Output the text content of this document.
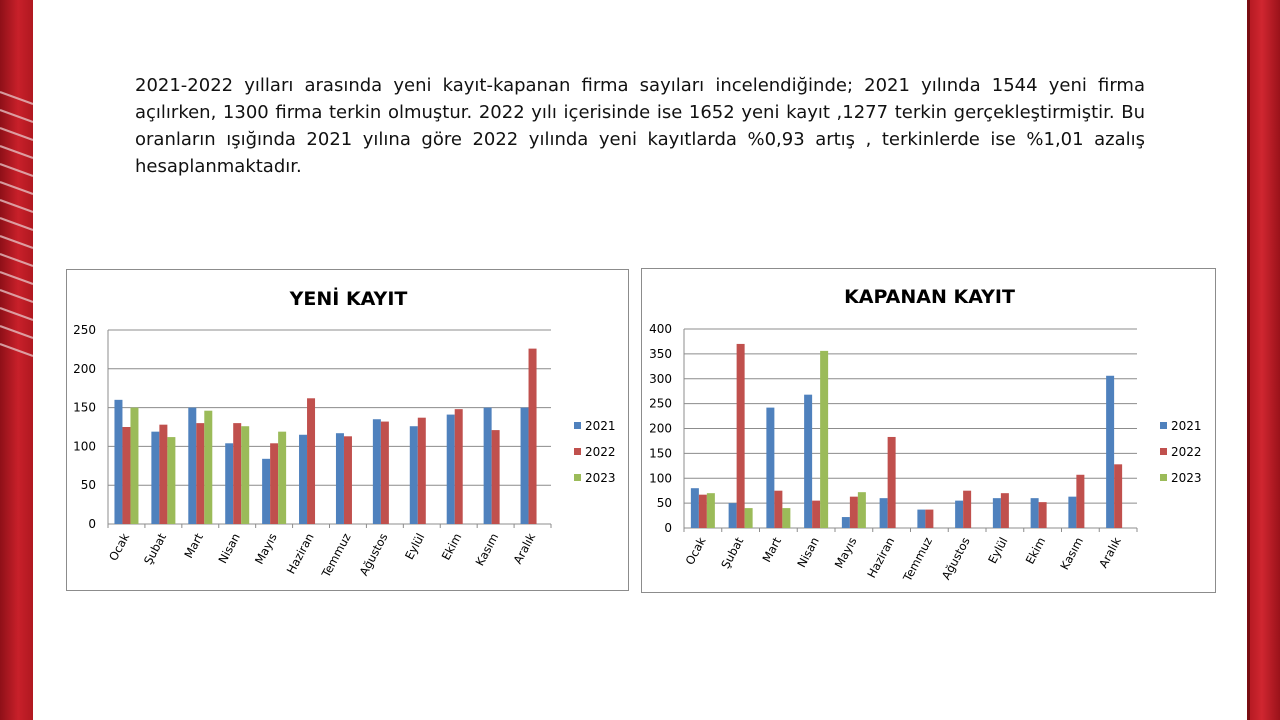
2021-2022 yılları arasında yeni kayıt-kapanan firma sayıları incelendiğinde; 2021 yılında 1544 yeni firma açılırken, 1300 firma terkin olmuştur. 2022 yılı içerisinde ise 1652 yeni kayıt ,1277 terkin gerçekleştirmiştir. Bu oranların ışığında 2021 yılına göre 2022 yılında yeni kayıtlarda %0,93 artış , terkinlerde ise %1,01 azalış hesaplanmaktadır.

YENİ KAYIT
0
50
100
150
200
250
Ocak Şubat Mart Nisan Mayıs Haziran Temmuz Ağustos Eylül Ekim Kasım Aralık
2021
2022
2023
KAPANAN KAYIT
0
50
100
150
200
250
300
350
400
Ocak Şubat Mart Nisan Mayıs Haziran Temmuz Ağustos Eylül Ekim Kasım Aralık
2021
2022
2023
